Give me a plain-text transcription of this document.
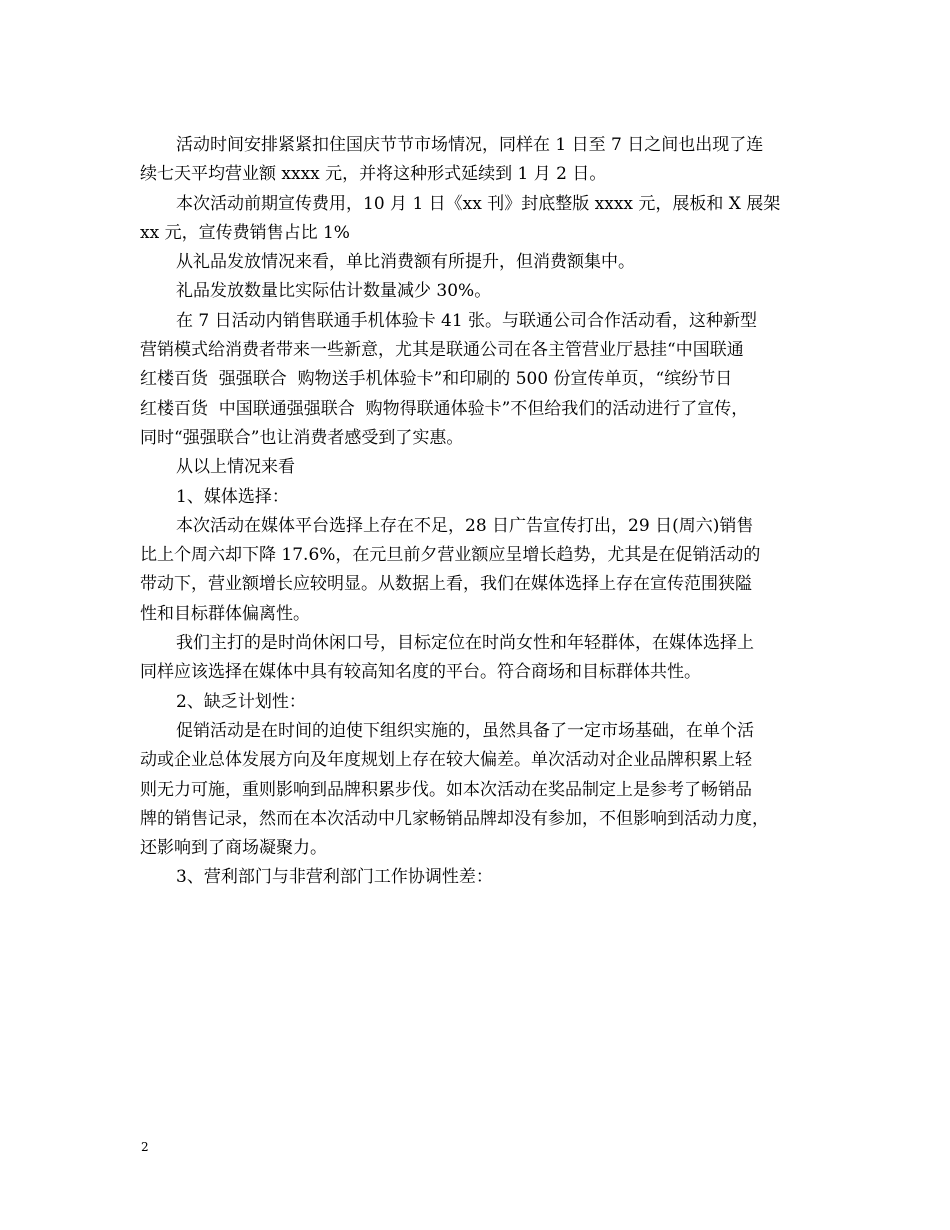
活动时间安排紧紧扣住国庆节节市场情况，同样在 1 日至 7 日之间也出现了连
续七天平均营业额 xxxx 元，并将这种形式延续到 1 月 2 日。
本次活动前期宣传费用，10 月 1 日《xx 刊》封底整版 xxxx 元，展板和 X 展架
xx 元，宣传费销售占比 1%
从礼品发放情况来看，单比消费额有所提升，但消费额集中。
礼品发放数量比实际估计数量减少 30%。
在 7 日活动内销售联通手机体验卡 41 张。与联通公司合作活动看，这种新型
营销模式给消费者带来一些新意，尤其是联通公司在各主管营业厅悬挂“中国联通
红楼百货  强强联合  购物送手机体验卡”和印刷的 500 份宣传单页，“缤纷节日
红楼百货  中国联通强强联合  购物得联通体验卡”不但给我们的活动进行了宣传，
同时“强强联合”也让消费者感受到了实惠。
从以上情况来看
1、媒体选择：
本次活动在媒体平台选择上存在不足，28 日广告宣传打出，29 日(周六)销售
比上个周六却下降 17.6%，在元旦前夕营业额应呈增长趋势，尤其是在促销活动的
带动下，营业额增长应较明显。从数据上看，我们在媒体选择上存在宣传范围狭隘
性和目标群体偏离性。
我们主打的是时尚休闲口号，目标定位在时尚女性和年轻群体，在媒体选择上
同样应该选择在媒体中具有较高知名度的平台。符合商场和目标群体共性。
2、缺乏计划性：
促销活动是在时间的迫使下组织实施的，虽然具备了一定市场基础，在单个活
动或企业总体发展方向及年度规划上存在较大偏差。单次活动对企业品牌积累上轻
则无力可施，重则影响到品牌积累步伐。如本次活动在奖品制定上是参考了畅销品
牌的销售记录，然而在本次活动中几家畅销品牌却没有参加，不但影响到活动力度，
还影响到了商场凝聚力。
3、营利部门与非营利部门工作协调性差：
2
